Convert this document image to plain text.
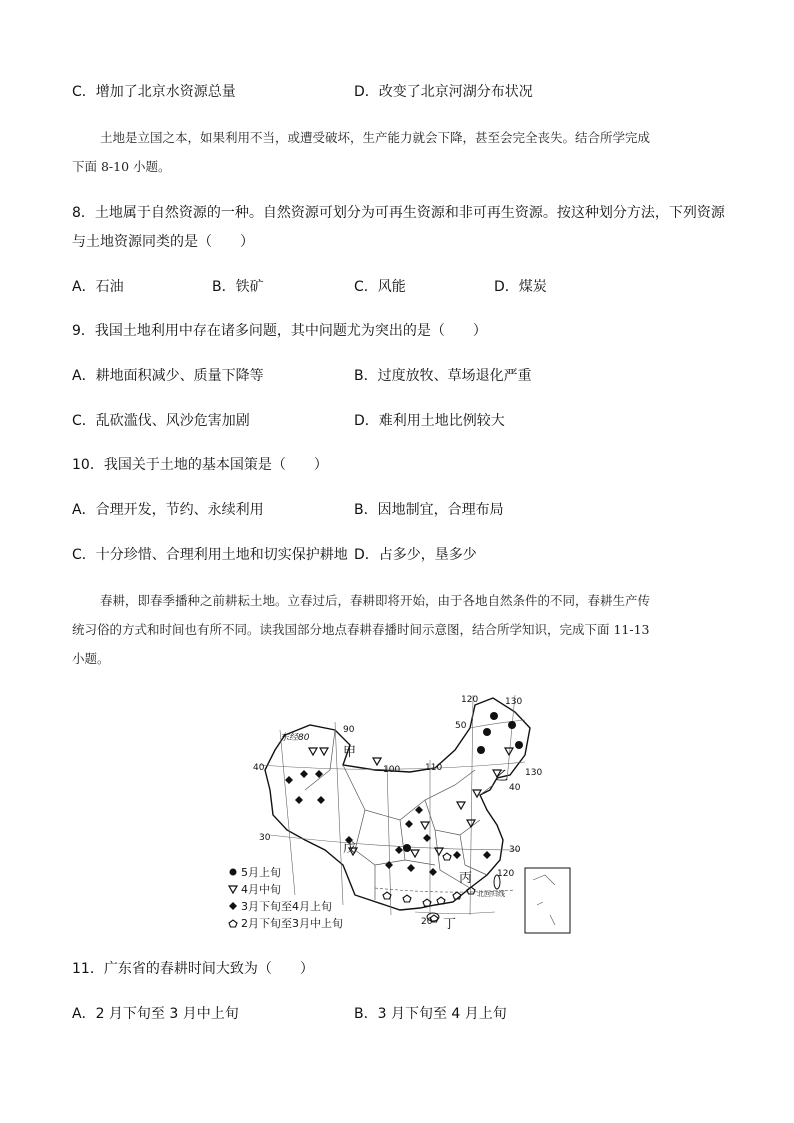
C．增加了北京水资源总量	D．改变了北京河湖分布状况
土地是立国之本，如果利用不当，或遭受破坏，生产能力就会下降，甚至会完全丧失。结合所学完成
下面 8-10 小题。
8．土地属于自然资源的一种。自然资源可划分为可再生资源和非可再生资源。按这种划分方法，下列资源
与土地资源同类的是（　　）
A．石油	B．铁矿	C．风能	D．煤炭
9．我国土地利用中存在诸多问题，其中问题尤为突出的是（　　）
A．耕地面积减少、质量下降等	B．过度放牧、草场退化严重
C．乱砍滥伐、风沙危害加剧	D．难利用土地比例较大
10．我国关于土地的基本国策是（　　）
A．合理开发，节约、永续利用	B．因地制宜，合理布局
C．十分珍惜、合理利用土地和切实保护耕地 D．占多少，垦多少
春耕，即春季播种之前耕耘土地。立春过后，春耕即将开始，由于各地自然条件的不同，春耕生产传
统习俗的方式和时间也有所不同。读我国部分地点春耕春播时间示意图，结合所学知识，完成下面 11-13
小题。
甲
乙
丙
丁
戊
东经80
90
100	110
120	130
130
120
50
40
40
30
30
20
北回归线
5月上旬
4月中旬
3月下旬至4月上旬
2月下旬至3月中上旬
11．广东省的春耕时间大致为（　　）
A．2 月下旬至 3 月中上旬	B．3 月下旬至 4 月上旬
